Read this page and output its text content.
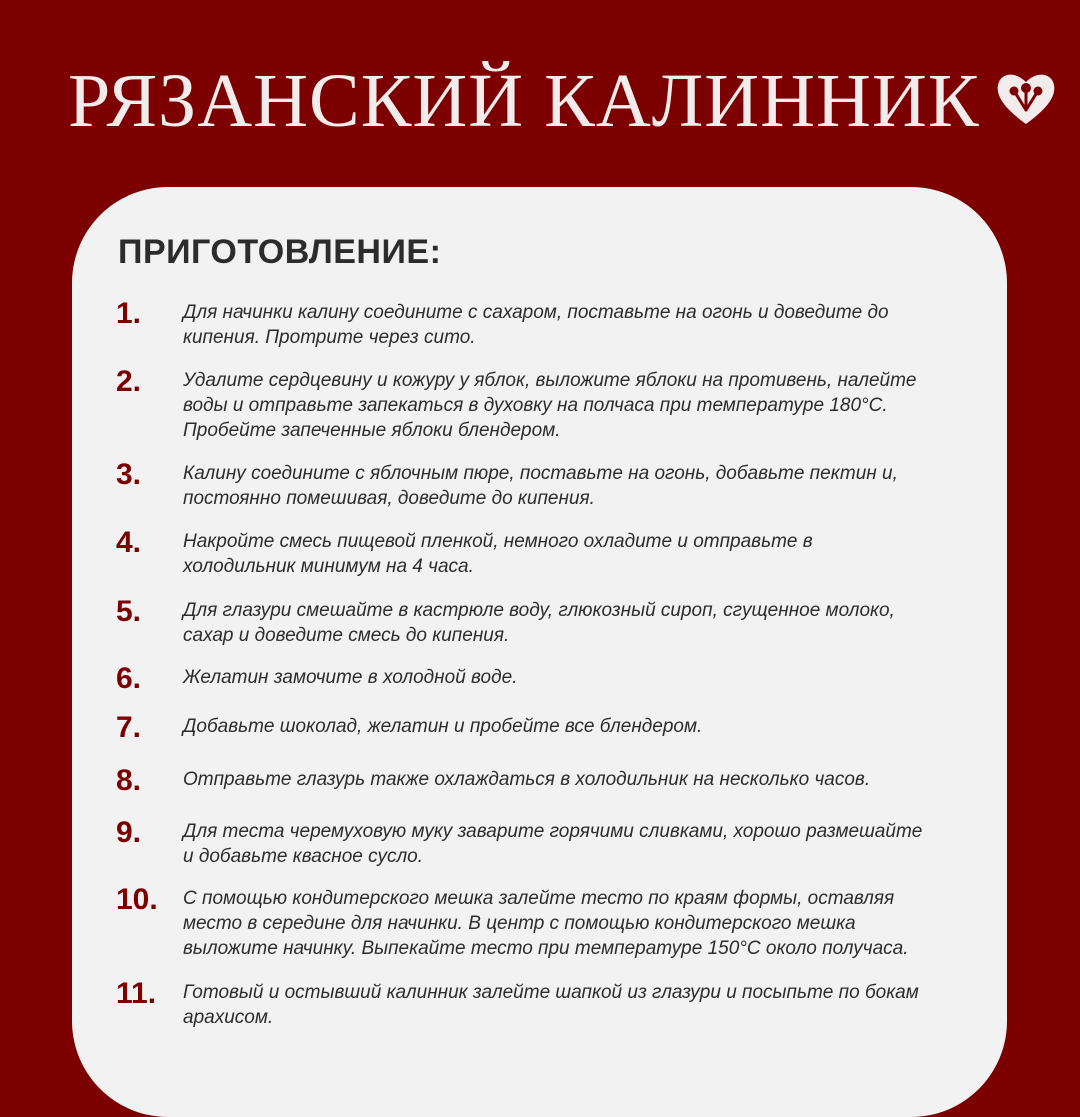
РЯЗАНСКИЙ КАЛИННИК
ПРИГОТОВЛЕНИЕ:
1. Для начинки калину соедините с сахаром, поставьте на огонь и доведите до кипения. Протрите через сито.
2. Удалите сердцевину и кожуру у яблок, выложите яблоки на противень, налейте воды и отправьте запекаться в духовку на полчаса при температуре 180°С. Пробейте запеченные яблоки блендером.
3. Калину соедините с яблочным пюре, поставьте на огонь, добавьте пектин и, постоянно помешивая, доведите до кипения.
4. Накройте смесь пищевой пленкой, немного охладите и отправьте в холодильник минимум на 4 часа.
5. Для глазури смешайте в кастрюле воду, глюкозный сироп, сгущенное молоко, сахар и доведите смесь до кипения.
6. Желатин замочите в холодной воде.
7. Добавьте шоколад, желатин и пробейте все блендером.
8. Отправьте глазурь также охлаждаться в холодильник на несколько часов.
9. Для теста черемуховую муку заварите горячими сливками, хорошо размешайте и добавьте квасное сусло.
10. С помощью кондитерского мешка залейте тесто по краям формы, оставляя место в середине для начинки. В центр с помощью кондитерского мешка выложите начинку. Выпекайте тесто при температуре 150°С около получаса.
11. Готовый и остывший калинник залейте шапкой из глазури и посыпьте по бокам арахисом.
